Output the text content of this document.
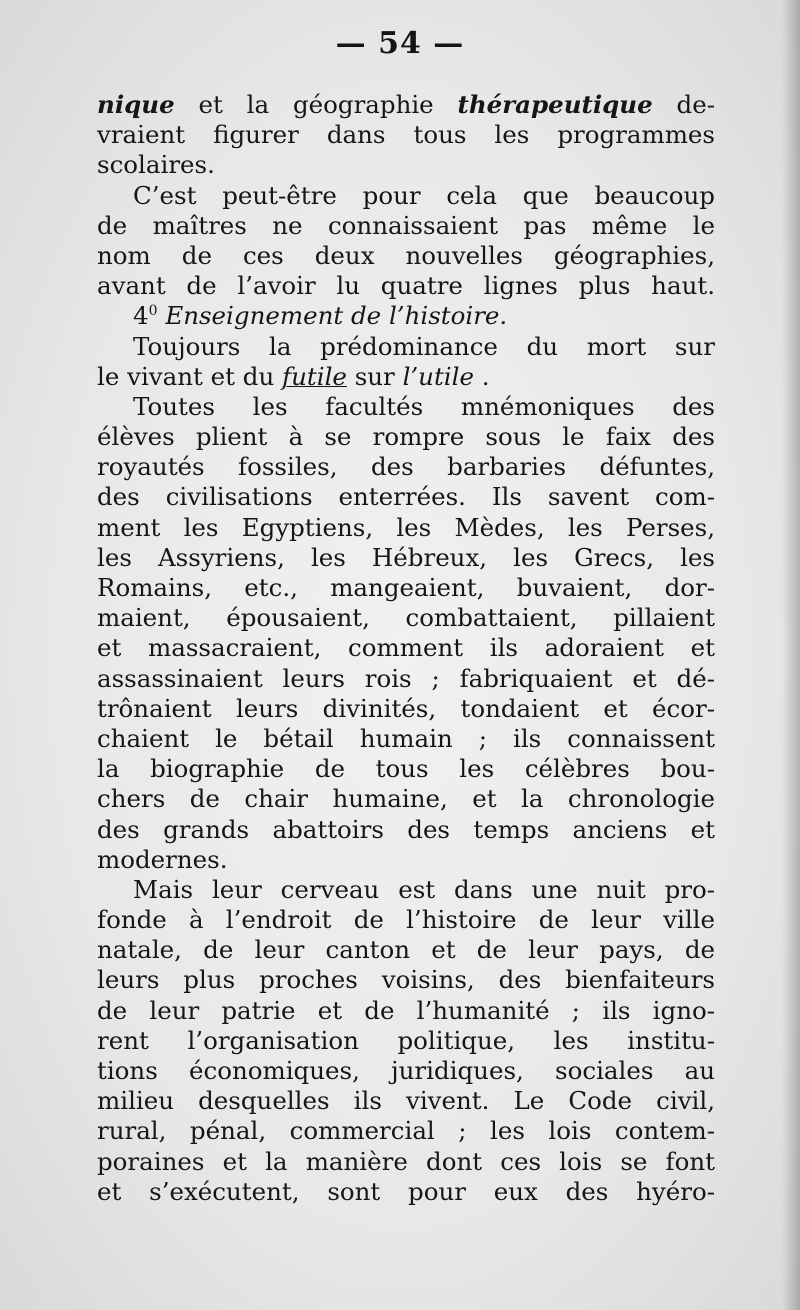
— 54 —
nique et la géographie thérapeutique de-
vraient figurer dans tous les programmes
scolaires.
C’est peut-être pour cela que beaucoup
de maîtres ne connaissaient pas même le
nom de ces deux nouvelles géographies,
avant de l’avoir lu quatre lignes plus haut.
$4^0$ Enseignement de l’histoire.
Toujours la prédominance du mort sur
le vivant et du futile sur l’utile .
Toutes les facultés mnémoniques des
élèves plient à se rompre sous le faix des
royautés fossiles, des barbaries défuntes,
des civilisations enterrées. Ils savent com-
ment les Egyptiens, les Mèdes, les Perses,
les Assyriens, les Hébreux, les Grecs, les
Romains, etc., mangeaient, buvaient, dor-
maient, épousaient, combattaient, pillaient
et massacraient, comment ils adoraient et
assassinaient leurs rois ; fabriquaient et dé-
trônaient leurs divinités, tondaient et écor-
chaient le bétail humain ; ils connaissent
la biographie de tous les célèbres bou-
chers de chair humaine, et la chronologie
des grands abattoirs des temps anciens et
modernes.
Mais leur cerveau est dans une nuit pro-
fonde à l’endroit de l’histoire de leur ville
natale, de leur canton et de leur pays, de
leurs plus proches voisins, des bienfaiteurs
de leur patrie et de l’humanité ; ils igno-
rent l’organisation politique, les institu-
tions économiques, juridiques, sociales au
milieu desquelles ils vivent. Le Code civil,
rural, pénal, commercial ; les lois contem-
poraines et la manière dont ces lois se font
et s’exécutent, sont pour eux des hyéro-
